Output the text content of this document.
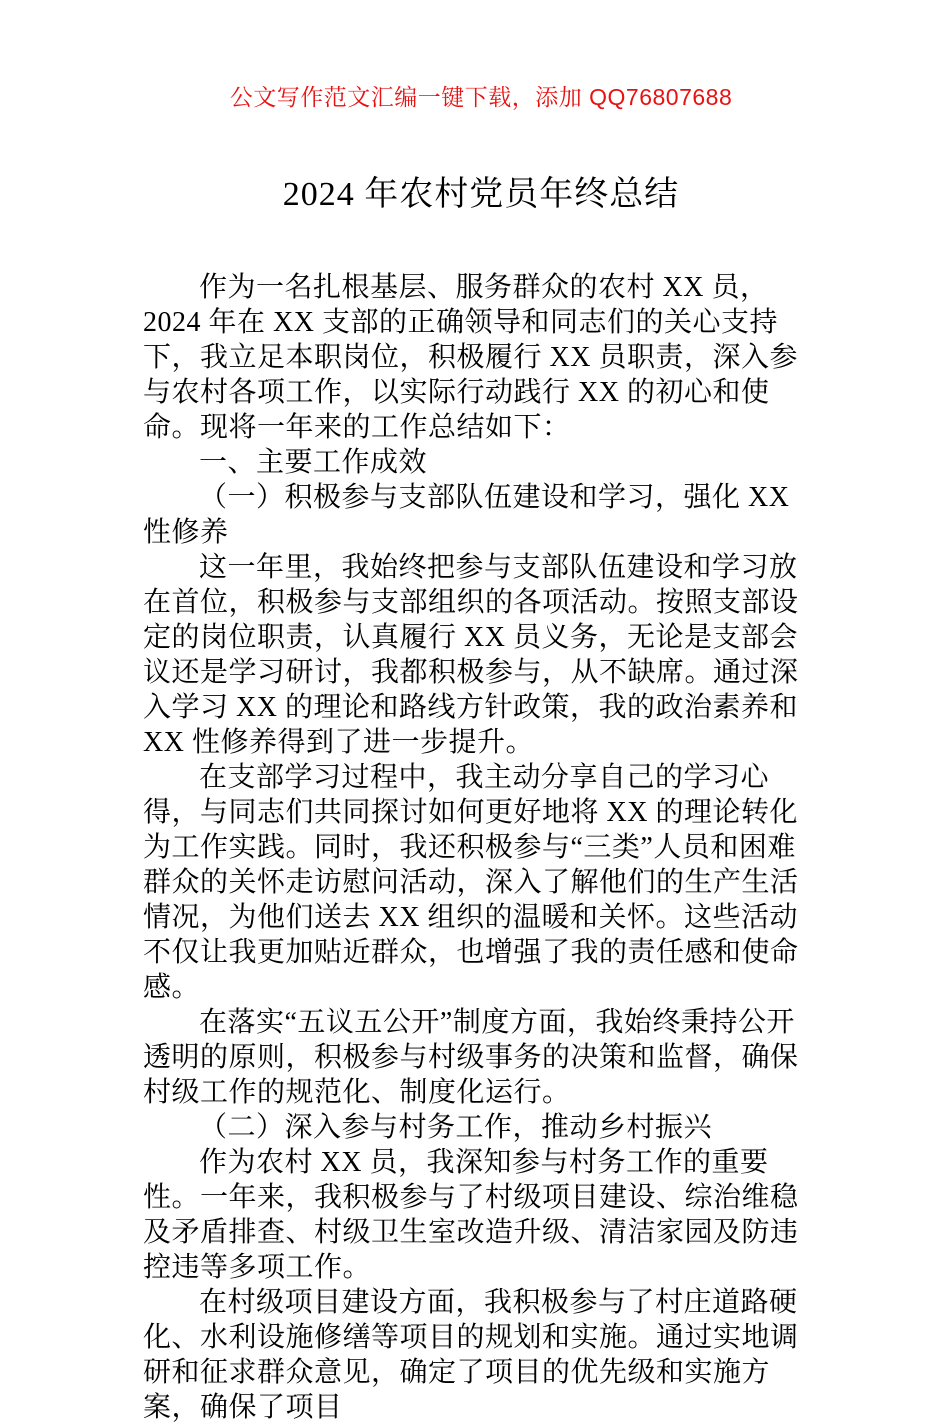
公文写作范文汇编一键下载，添加 QQ76807688
2024 年农村党员年终总结

作为一名扎根基层、服务群众的农村 XX 员，2024 年在 XX 支部的正确领导和同志们的关心支持下，我立足本职岗位，积极履行 XX 员职责，深入参与农村各项工作，以实际行动践行 XX 的初心和使命。现将一年来的工作总结如下：

一、主要工作成效

（一）积极参与支部队伍建设和学习，强化 XX 性修养

这一年里，我始终把参与支部队伍建设和学习放在首位，积极参与支部组织的各项活动。按照支部设定的岗位职责，认真履行 XX 员义务，无论是支部会议还是学习研讨，我都积极参与，从不缺席。通过深入学习 XX 的理论和路线方针政策，我的政治素养和 XX 性修养得到了进一步提升。

在支部学习过程中，我主动分享自己的学习心得，与同志们共同探讨如何更好地将 XX 的理论转化为工作实践。同时，我还积极参与“三类”人员和困难群众的关怀走访慰问活动，深入了解他们的生产生活情况，为他们送去 XX 组织的温暖和关怀。这些活动不仅让我更加贴近群众，也增强了我的责任感和使命感。

在落实“五议五公开”制度方面，我始终秉持公开透明的原则，积极参与村级事务的决策和监督，确保村级工作的规范化、制度化运行。

（二）深入参与村务工作，推动乡村振兴

作为农村 XX 员，我深知参与村务工作的重要性。一年来，我积极参与了村级项目建设、综治维稳及矛盾排查、村级卫生室改造升级、清洁家园及防违控违等多项工作。

在村级项目建设方面，我积极参与了村庄道路硬化、水利设施修缮等项目的规划和实施。通过实地调研和征求群众意见，确定了项目的优先级和实施方案，确保了项目
